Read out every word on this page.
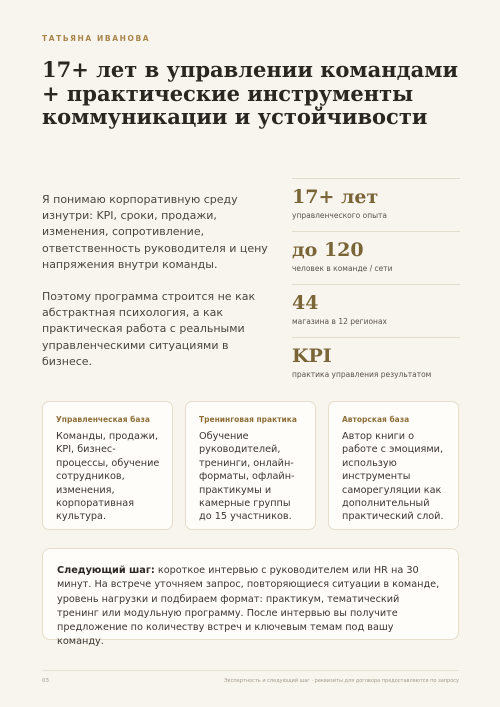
ТАТЬЯНА ИВАНОВА
17+ лет в управлении командами + практические инструменты коммуникации и устойчивости

Я понимаю корпоративную среду изнутри: KPI, сроки, продажи, изменения, сопротивление, ответственность руководителя и цену напряжения внутри команды.

Поэтому программа строится не как абстрактная психология, а как практическая работа с реальными управленческими ситуациями в бизнесе.

17+ лет
управленческого опыта
до 120
человек в команде / сети
44
магазина в 12 регионах
KPI
практика управления результатом
Управленческая база
Команды, продажи, KPI, бизнес-процессы, обучение сотрудников, изменения, корпоративная культура.
Тренинговая практика
Обучение руководителей, тренинги, онлайн-форматы, офлайн-практикумы и камерные группы до 15 участников.
Авторская база
Автор книги о работе с эмоциями, использую инструменты саморегуляции как дополнительный практический слой.
Следующий шаг: короткое интервью с руководителем или HR на 30 минут. На встрече уточняем запрос, повторяющиеся ситуации в команде, уровень нагрузки и подбираем формат: практикум, тематический тренинг или модульную программу. После интервью вы получите предложение по количеству встреч и ключевым темам под вашу команду.
03	Экспертность и следующий шаг · реквизиты для договора предоставляются по запросу
